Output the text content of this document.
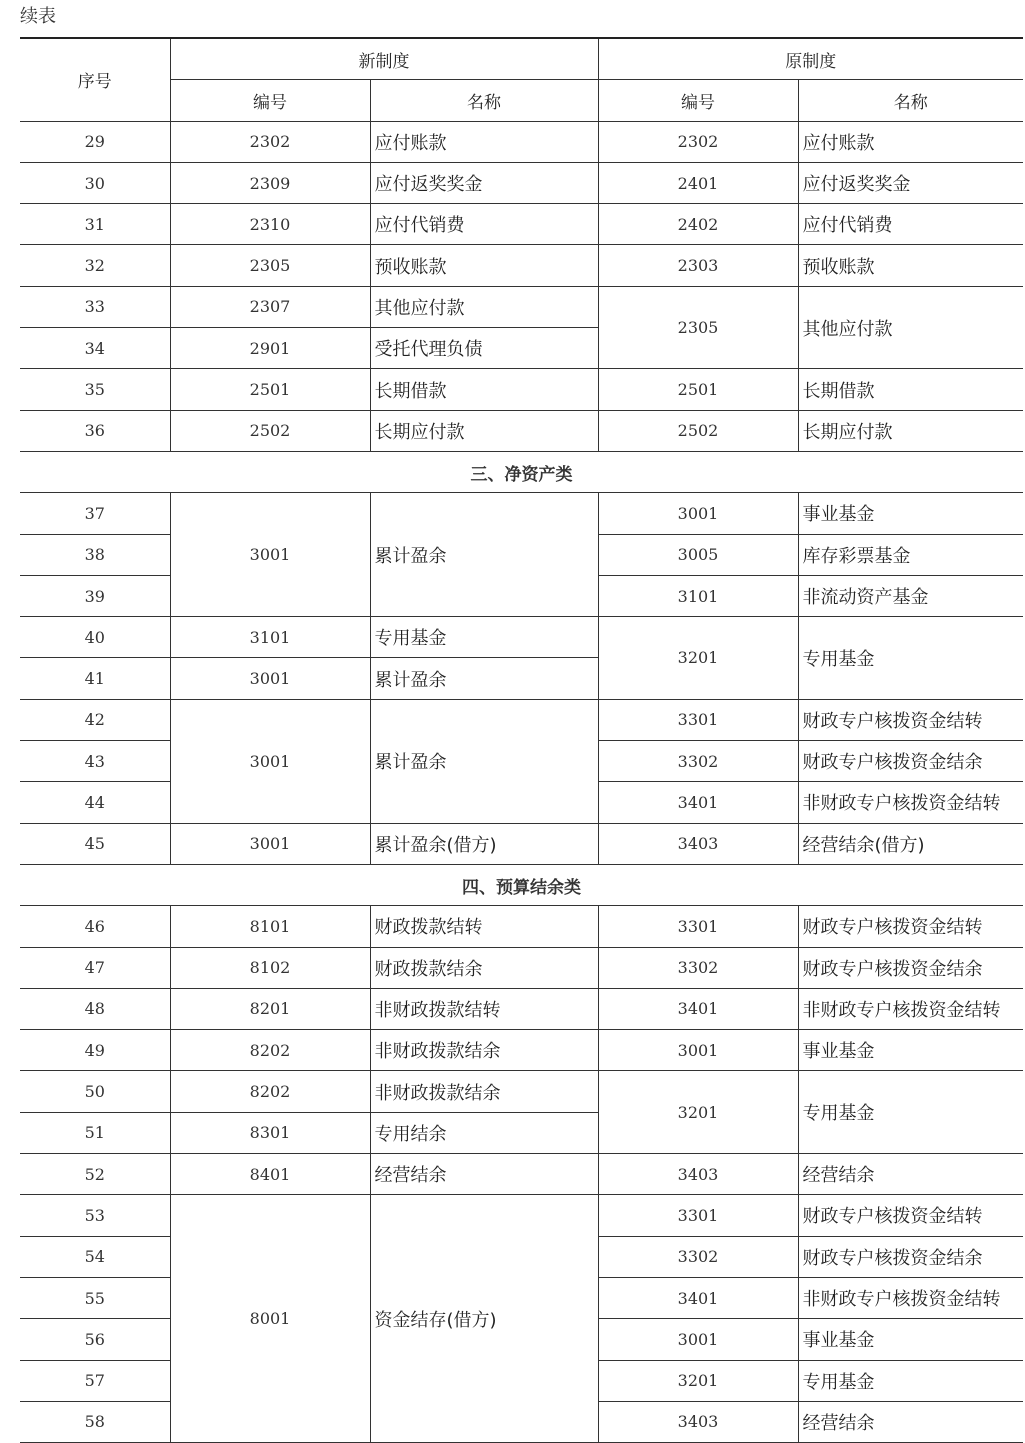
续表
序号	新制度		原制度	
	编号	名称	编号	名称
29	2302	应付账款	2302	应付账款
30	2309	应付返奖奖金	2401	应付返奖奖金
31	2310	应付代销费	2402	应付代销费
32	2305	预收账款	2303	预收账款
33	2307	其他应付款	2305	其他应付款
34	2901	受托代理负债		
35	2501	长期借款	2501	长期借款
36	2502	长期应付款	2502	长期应付款
三、净资产类				
37	3001	累计盈余	3001	事业基金
38			3005	库存彩票基金
39			3101	非流动资产基金
40	3101	专用基金	3201	专用基金
41	3001	累计盈余		
42	3001	累计盈余	3301	财政专户核拨资金结转
43			3302	财政专户核拨资金结余
44			3401	非财政专户核拨资金结转
45	3001	累计盈余(借方)	3403	经营结余(借方)
四、预算结余类				
46	8101	财政拨款结转	3301	财政专户核拨资金结转
47	8102	财政拨款结余	3302	财政专户核拨资金结余
48	8201	非财政拨款结转	3401	非财政专户核拨资金结转
49	8202	非财政拨款结余	3001	事业基金
50	8202	非财政拨款结余	3201	专用基金
51	8301	专用结余		
52	8401	经营结余	3403	经营结余
53	8001	资金结存(借方)	3301	财政专户核拨资金结转
54			3302	财政专户核拨资金结余
55			3401	非财政专户核拨资金结转
56			3001	事业基金
57			3201	专用基金
58			3403	经营结余
